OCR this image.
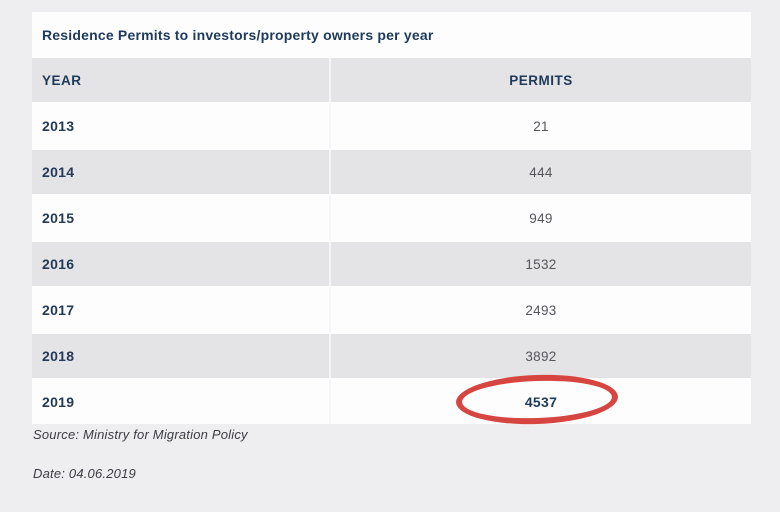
Residence Permits to investors/property owners per year
YEAR	PERMITS
2013	21
2014	444
2015	949
2016	1532
2017	2493
2018	3892
2019	4537
Source: Ministry for Migration Policy
Date: 04.06.2019
